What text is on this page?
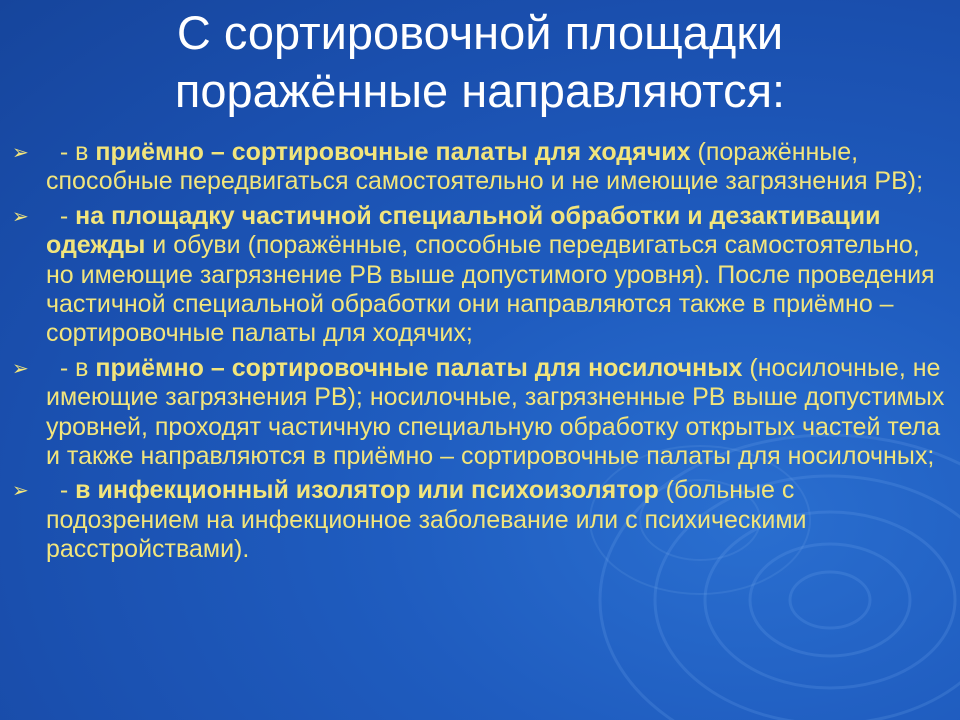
С сортировочной площадки
поражённые направляются:
➢ - в приёмно – сортировочные палаты для ходячих (поражённые, способные передвигаться самостоятельно и не имеющие загрязнения РВ);
➢ - на площадку частичной специальной обработки и дезактивации одежды и обуви (поражённые, способные передвигаться самостоятельно, но имеющие загрязнение РВ выше допустимого уровня). После проведения частичной специальной обработки они направляются также в приёмно – сортировочные палаты для ходячих;
➢ - в приёмно – сортировочные палаты для носилочных (носилочные, не имеющие загрязнения РВ); носилочные, загрязненные РВ выше допустимых уровней, проходят частичную специальную обработку открытых частей тела и также направляются в приёмно – сортировочные палаты для носилочных;
➢ - в инфекционный изолятор или психоизолятор (больные с подозрением на инфекционное заболевание или с психическими расстройствами).
